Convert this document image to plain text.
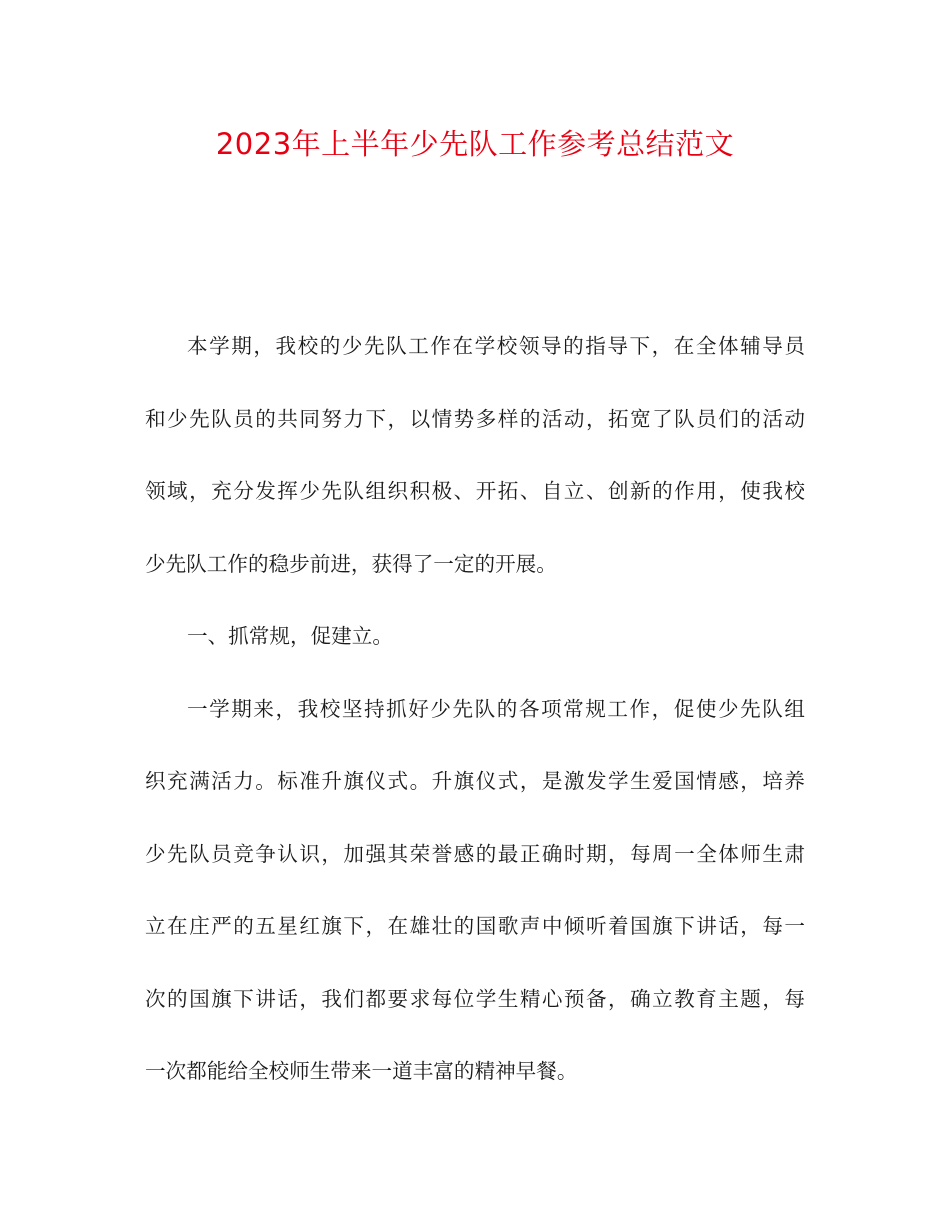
2023年上半年少先队工作参考总结范文
本学期，我校的少先队工作在学校领导的指导下，在全体辅导员
和少先队员的共同努力下，以情势多样的活动，拓宽了队员们的活动
领域，充分发挥少先队组织积极、开拓、自立、创新的作用，使我校
少先队工作的稳步前进，获得了一定的开展。
一、抓常规，促建立。
一学期来，我校坚持抓好少先队的各项常规工作，促使少先队组
织充满活力。标准升旗仪式。升旗仪式，是激发学生爱国情感，培养
少先队员竞争认识，加强其荣誉感的最正确时期，每周一全体师生肃
立在庄严的五星红旗下，在雄壮的国歌声中倾听着国旗下讲话，每一
次的国旗下讲话，我们都要求每位学生精心预备，确立教育主题，每
一次都能给全校师生带来一道丰富的精神早餐。
